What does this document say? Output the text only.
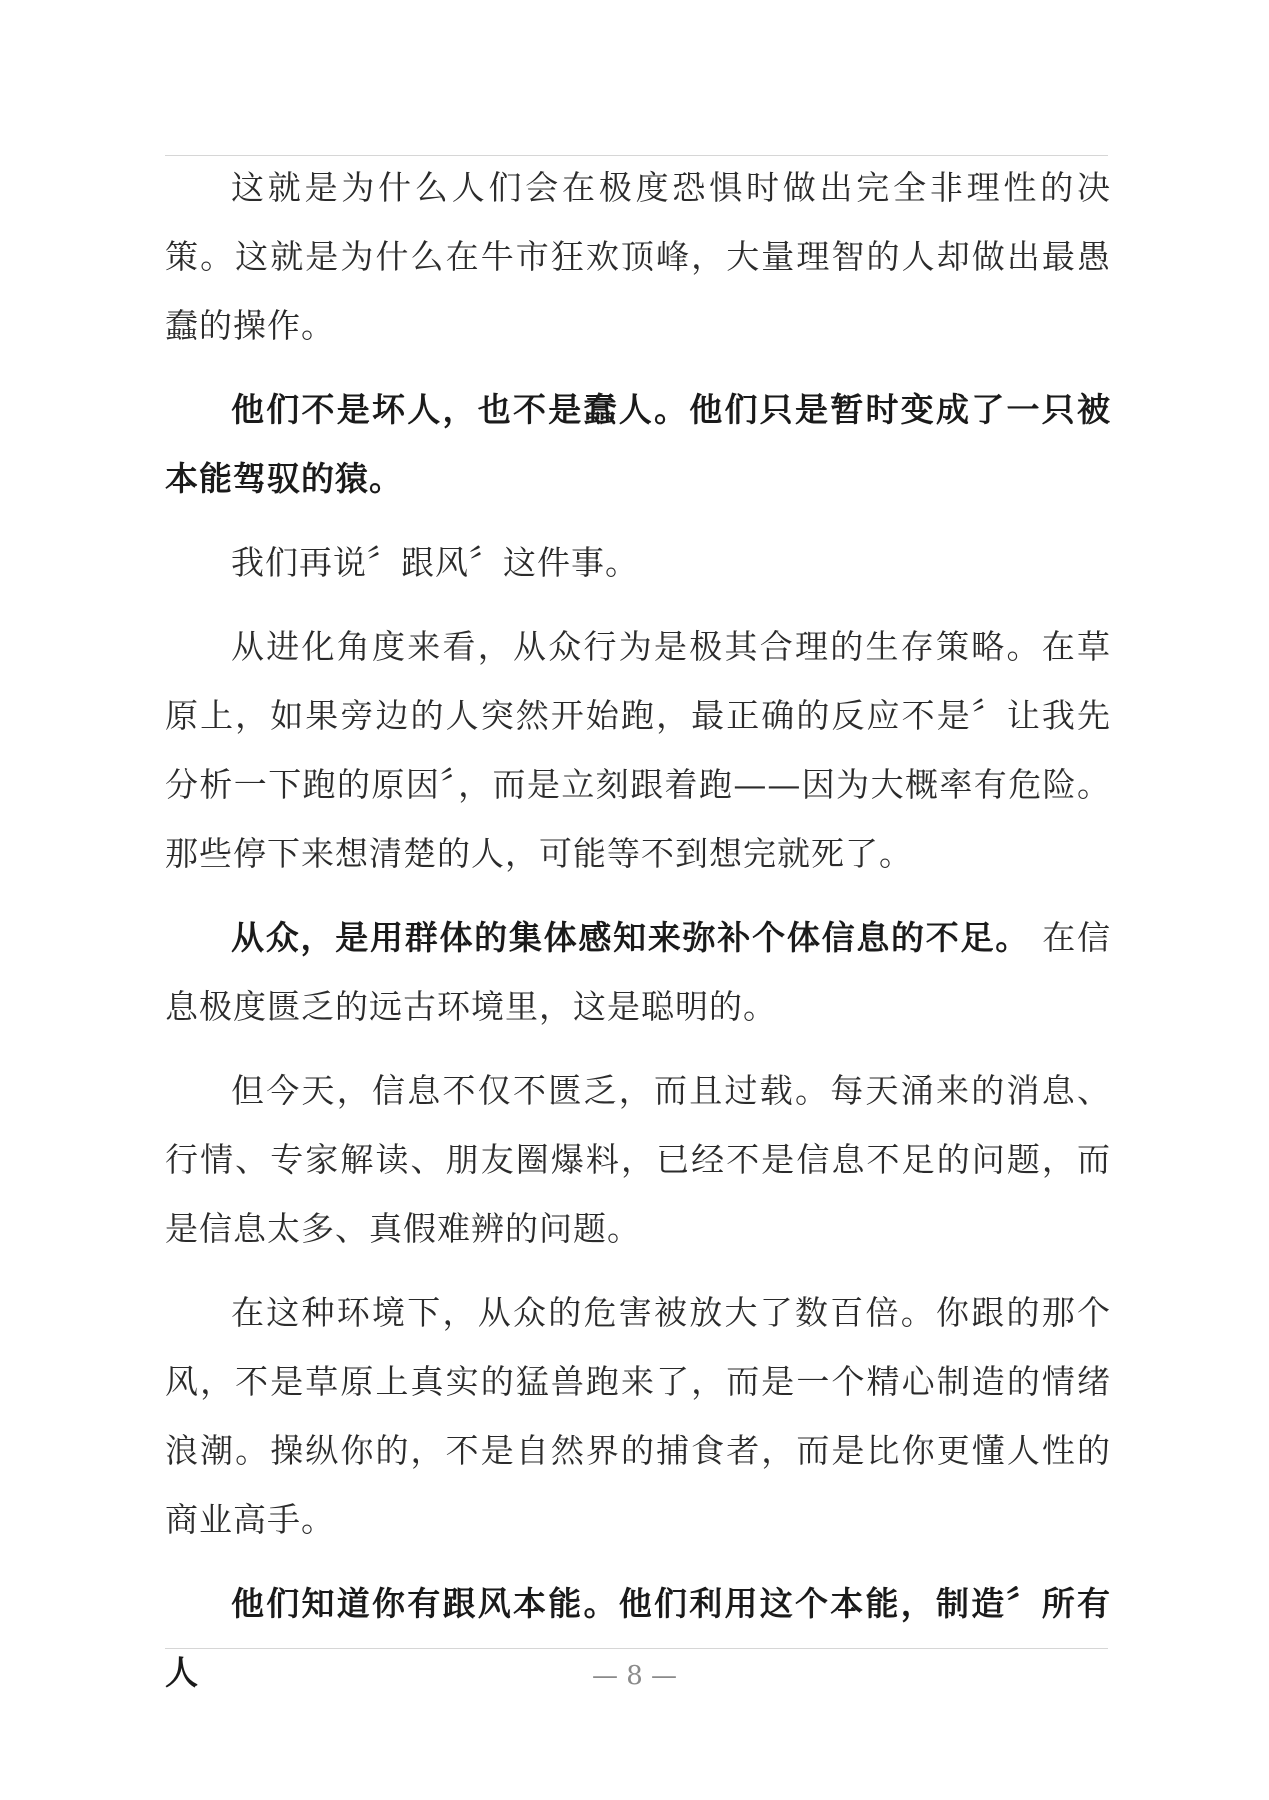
这就是为什么人们会在极度恐惧时做出完全非理性的决策。这就是为什么在牛市狂欢顶峰，大量理智的人却做出最愚蠢的操作。

他们不是坏人，也不是蠢人。他们只是暂时变成了一只被本能驾驭的猿。

我们再说〞跟风〞这件事。

从进化角度来看，从众行为是极其合理的生存策略。在草原上，如果旁边的人突然开始跑，最正确的反应不是〞让我先分析一下跑的原因〞，而是立刻跟着跑——因为大概率有危险。那些停下来想清楚的人，可能等不到想完就死了。

从众，是用群体的集体感知来弥补个体信息的不足。 在信息极度匮乏的远古环境里，这是聪明的。

但今天，信息不仅不匮乏，而且过载。每天涌来的消息、行情、专家解读、朋友圈爆料，已经不是信息不足的问题，而是信息太多、真假难辨的问题。

在这种环境下，从众的危害被放大了数百倍。你跟的那个风，不是草原上真实的猛兽跑来了，而是一个精心制造的情绪浪潮。操纵你的，不是自然界的捕食者，而是比你更懂人性的商业高手。

他们知道你有跟风本能。他们利用这个本能，制造〞所有人	— 8 —
